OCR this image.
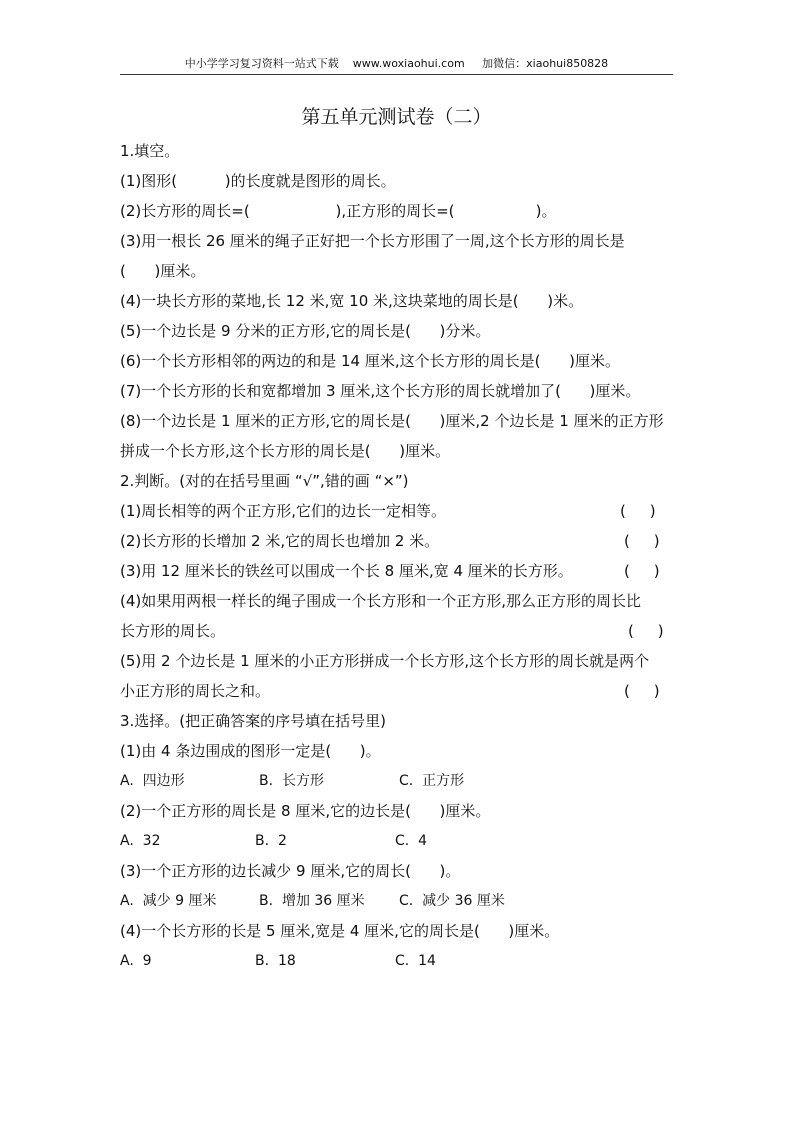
中小学学习复习资料一站式下载    www.woxiaohui.com     加微信：xiaohui850828
第五单元测试卷（二）
1.填空。
(1)图形(          )的长度就是图形的周长。
(2)长方形的周长=(                  ),正方形的周长=(                 )。
(3)用一根长 26 厘米的绳子正好把一个长方形围了一周,这个长方形的周长是
(      )厘米。
(4)一块长方形的菜地,长 12 米,宽 10 米,这块菜地的周长是(      )米。
(5)一个边长是 9 分米的正方形,它的周长是(      )分米。
(6)一个长方形相邻的两边的和是 14 厘米,这个长方形的周长是(      )厘米。
(7)一个长方形的长和宽都增加 3 厘米,这个长方形的周长就增加了(      )厘米。
(8)一个边长是 1 厘米的正方形,它的周长是(      )厘米,2 个边长是 1 厘米的正方形
拼成一个长方形,这个长方形的周长是(      )厘米。
2.判断。(对的在括号里画 “√”,错的画 “×”)
(1)周长相等的两个正方形,它们的边长一定相等。	(     )
(2)长方形的长增加 2 米,它的周长也增加 2 米。	(     )
(3)用 12 厘米长的铁丝可以围成一个长 8 厘米,宽 4 厘米的长方形。	(     )
(4)如果用两根一样长的绳子围成一个长方形和一个正方形,那么正方形的周长比
长方形的周长。	(     )
(5)用 2 个边长是 1 厘米的小正方形拼成一个长方形,这个长方形的周长就是两个
小正方形的周长之和。	(     )
3.选择。(把正确答案的序号填在括号里)
(1)由 4 条边围成的图形一定是(      )。
A.  四边形	B.  长方形	C.  正方形
(2)一个正方形的周长是 8 厘米,它的边长是(      )厘米。
A.  32	B.  2	C.  4
(3)一个正方形的边长减少 9 厘米,它的周长(      )。
A.  减少 9 厘米	B.  增加 36 厘米 C.  减少 36 厘米
(4)一个长方形的长是 5 厘米,宽是 4 厘米,它的周长是(      )厘米。
A.  9	B.  18	C.  14
